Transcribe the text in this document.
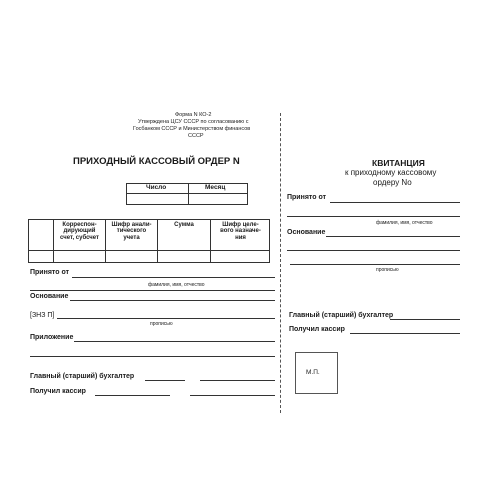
Форма N КО-2
Утверждена ЦСУ СССР по согласованию с
Госбанком СССР и Министерством финансов
СССР
ПРИХОДНЫЙ КАССОВЫЙ ОРДЕР N
Число	Месяц
Корреспон-
дирующий
счет, субсчет
Шифр анали-
тического
учета
Сумма	Шифр целе-
вого назначе-
ния
Принято от
фамилия, имя, отчество
Основание
[ЗНЗ П]
прописью
Приложение
Главный (старший) бухгалтер
Получил кассир
КВИТАНЦИЯ
к приходному кассовому
ордеру No
Принято от
фамилия, имя, отчество
Основание
прописью
Главный (старший) бухгалтер
Получил кассир
М.П.
